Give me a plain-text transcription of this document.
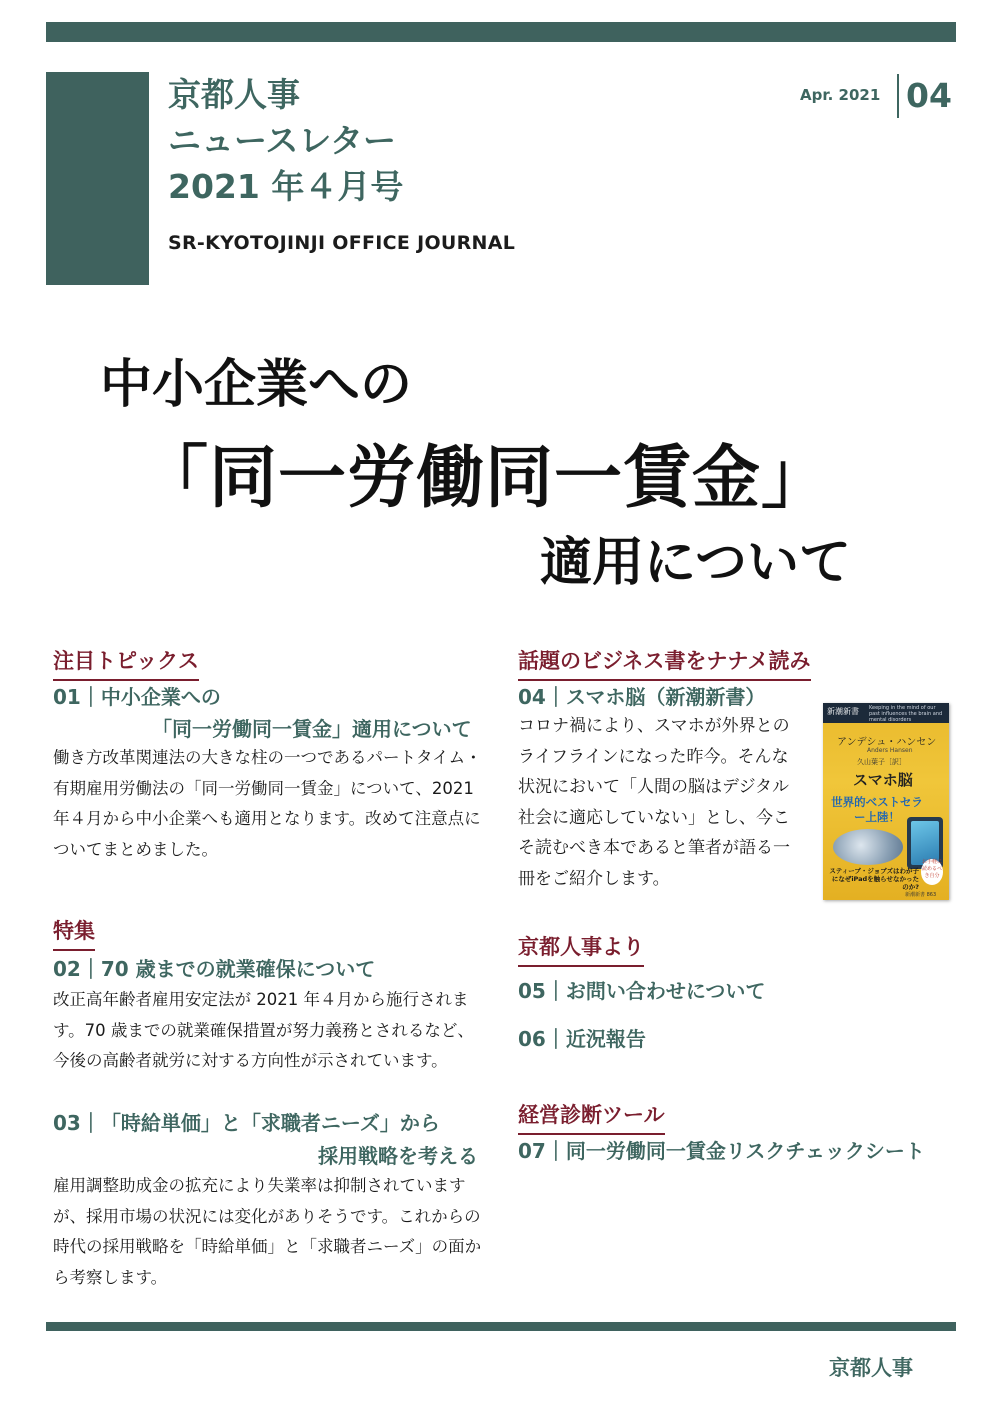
京都人事
ニュースレター
2021 年４月号
SR-KYOTOJINJI OFFICE JOURNAL
Apr. 2021 04
中小企業への
「同一労働同一賃金」
適用について
注目トピックス
01｜中小企業への
「同一労働同一賃金」適用について
働き方改革関連法の大きな柱の一つであるパートタイム・有期雇用労働法の「同一労働同一賃金」について、2021 年４月から中小企業へも適用となります。改めて注意点についてまとめました。
特集
02｜70 歳までの就業確保について
改正高年齢者雇用安定法が 2021 年４月から施行されます。70 歳までの就業確保措置が努力義務とされるなど、今後の高齢者就労に対する方向性が示されています。
03｜「時給単価」と「求職者ニーズ」から
採用戦略を考える
雇用調整助成金の拡充により失業率は抑制されていますが、採用市場の状況には変化がありそうです。これからの時代の採用戦略を「時給単価」と「求職者ニーズ」の面から考察します。
話題のビジネス書をナナメ読み
04｜スマホ脳（新潮新書）
コロナ禍により、スマホが外界とのライフラインになった昨今。そんな状況において「人間の脳はデジタル社会に適応していない」とし、今こそ読むべき本であると筆者が語る一冊をご紹介します。
新潮新書 Keeping in the mind of our past influences the brain and mental disorders
アンデシュ・ハンセン
Anders Hansen
久山葉子［訳］
スマホ脳
世界的ベストセラー上陸！
お手軽に読めるべき自分
スティーブ・ジョブズはわが子になぜiPadを触らせなかったのか?
新潮新書 863
京都人事より
05｜お問い合わせについて
06｜近況報告
経営診断ツール
07｜同一労働同一賃金リスクチェックシート
京都人事
